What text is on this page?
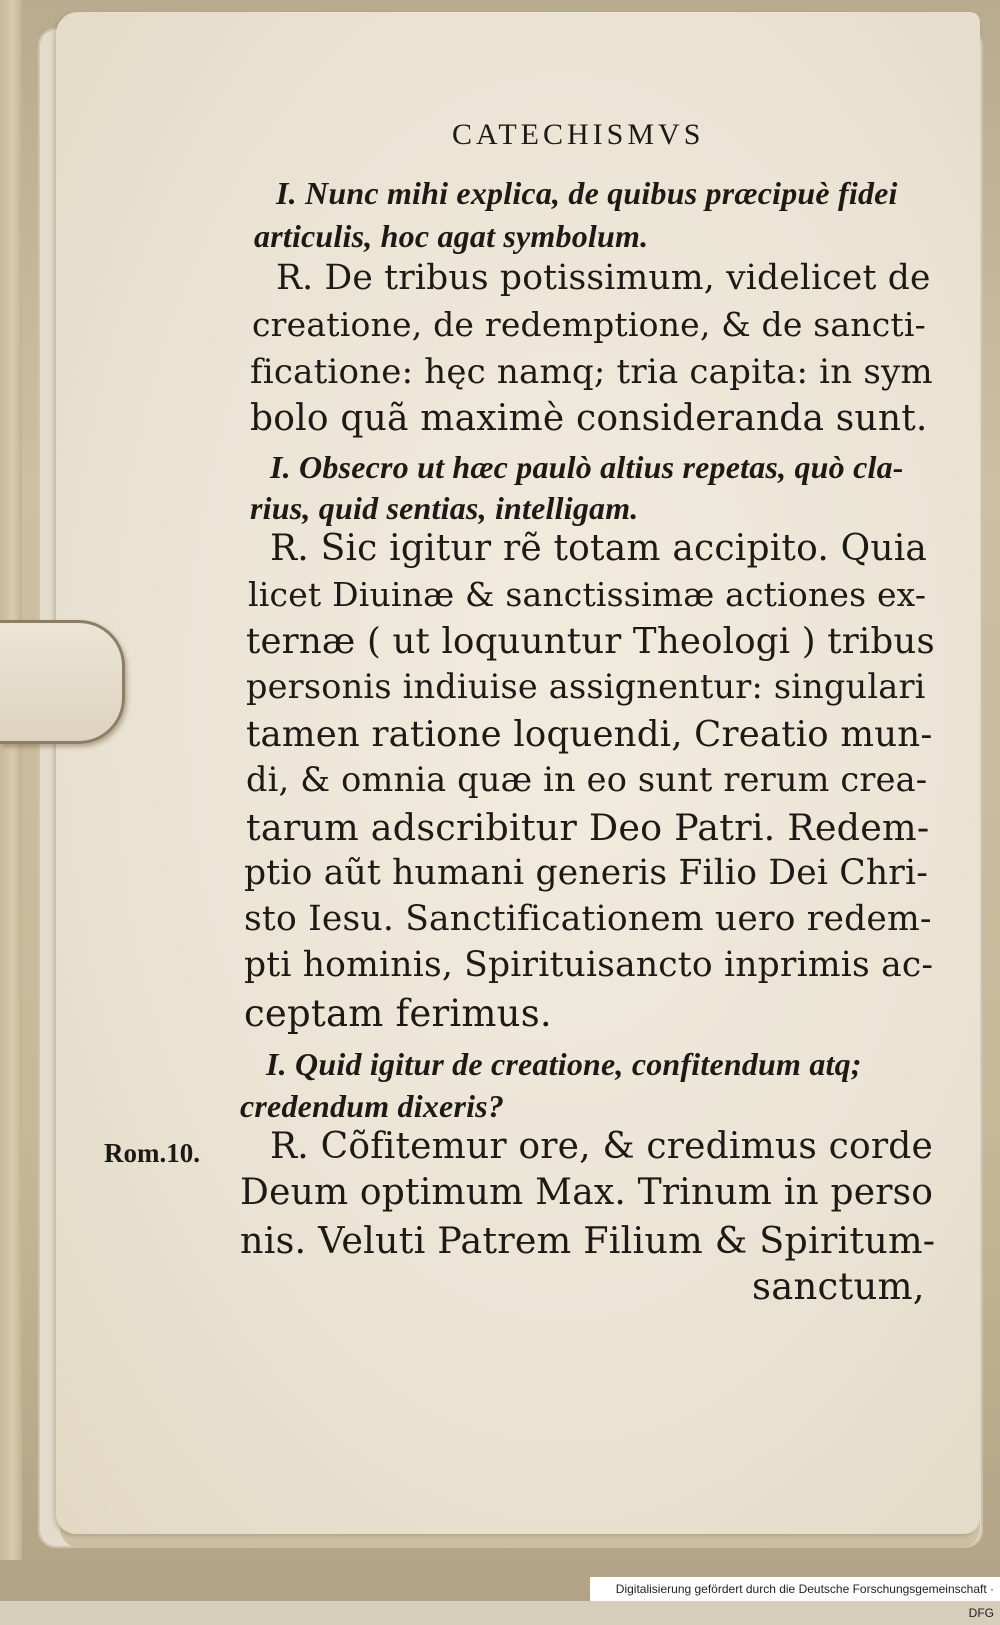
CATECHISMVS
I. Nunc mihi explica, de quibus præcipuè fidei
articulis, hoc agat symbolum.
R. De tribus potissimum, videlicet de
creatione, de redemptione, & de sancti-
ficatione: hęc namq; tria capita: in sym
bolo quã maximè consideranda sunt.
I. Obsecro ut hæc paulò altius repetas, quò cla-
rius, quid sentias, intelligam.
R. Sic igitur rẽ totam accipito. Quia
licet Diuinæ & sanctissimæ actiones ex-
ternæ ( ut loquuntur Theologi ) tribus
personis indiuise assignentur: singulari
tamen ratione loquendi, Creatio mun-
di, & omnia quæ in eo sunt rerum crea-
tarum adscribitur Deo Patri. Redem-
ptio aũt humani generis Filio Dei Chri-
sto Iesu. Sanctificationem uero redem-
pti hominis, Spirituisancto inprimis ac-
ceptam ferimus.
I. Quid igitur de creatione, confitendum atq;
credendum dixeris?
Rom.10. R. Cõfitemur ore, & credimus corde
Deum optimum Max. Trinum in perso
nis. Veluti Patrem Filium & Spiritum-
sanctum,
Digitalisierung gefördert durch die Deutsche Forschungsgemeinschaft · DFG
